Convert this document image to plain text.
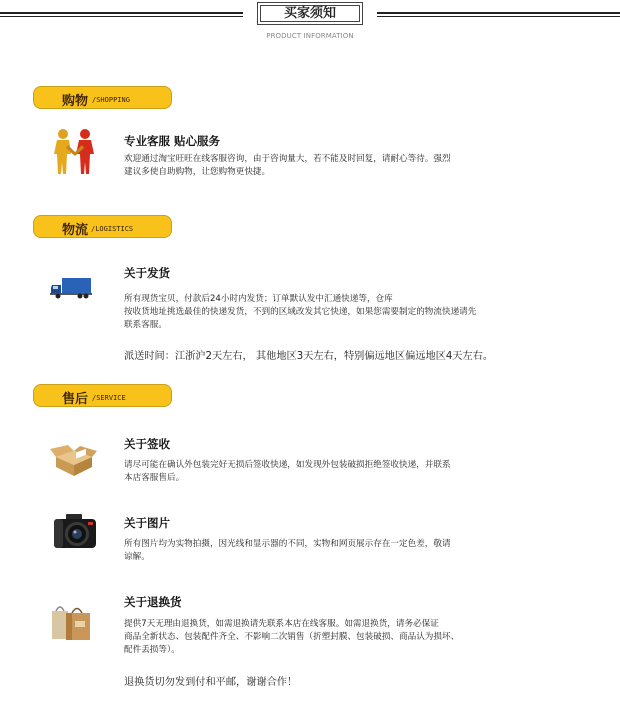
买家须知
PRODUCT INFORMATION
购物 /SHOPPING
专业客服 贴心服务
欢迎通过淘宝旺旺在线客服咨询，由于咨询量大，若不能及时回复，请耐心等待。强烈
建议多使自助购物，让您购物更快捷。
物流 /LOGISTICS
关于发货
所有现货宝贝，付款后24小时内发货；订单默认发中汇通快递等，仓库
按收货地址挑选最佳的快递发货，不到的区域改发其它快递，如果您需要制定的物流快递请先
联系客服。
派送时间：江浙沪2天左右， 其他地区3天左右，特别偏远地区偏远地区4天左右。
售后 /SERVICE
关于签收
请尽可能在确认外包装完好无损后签收快递，如发现外包装破损拒绝签收快递，并联系
本店客服售后。
关于图片
所有图片均为实物拍摄，因光线和显示器的不同，实物和网页展示存在一定色差，敬请
谅解。
关于退换货
提供7天无理由退换货，如需退换请先联系本店在线客服。如需退换货，请务必保证
商品全新状态、包装配件齐全、不影响二次销售（折塑封膜、包装破损、商品认为损坏、
配件丢损等）。
退换货切勿发到付和平邮，谢谢合作！
